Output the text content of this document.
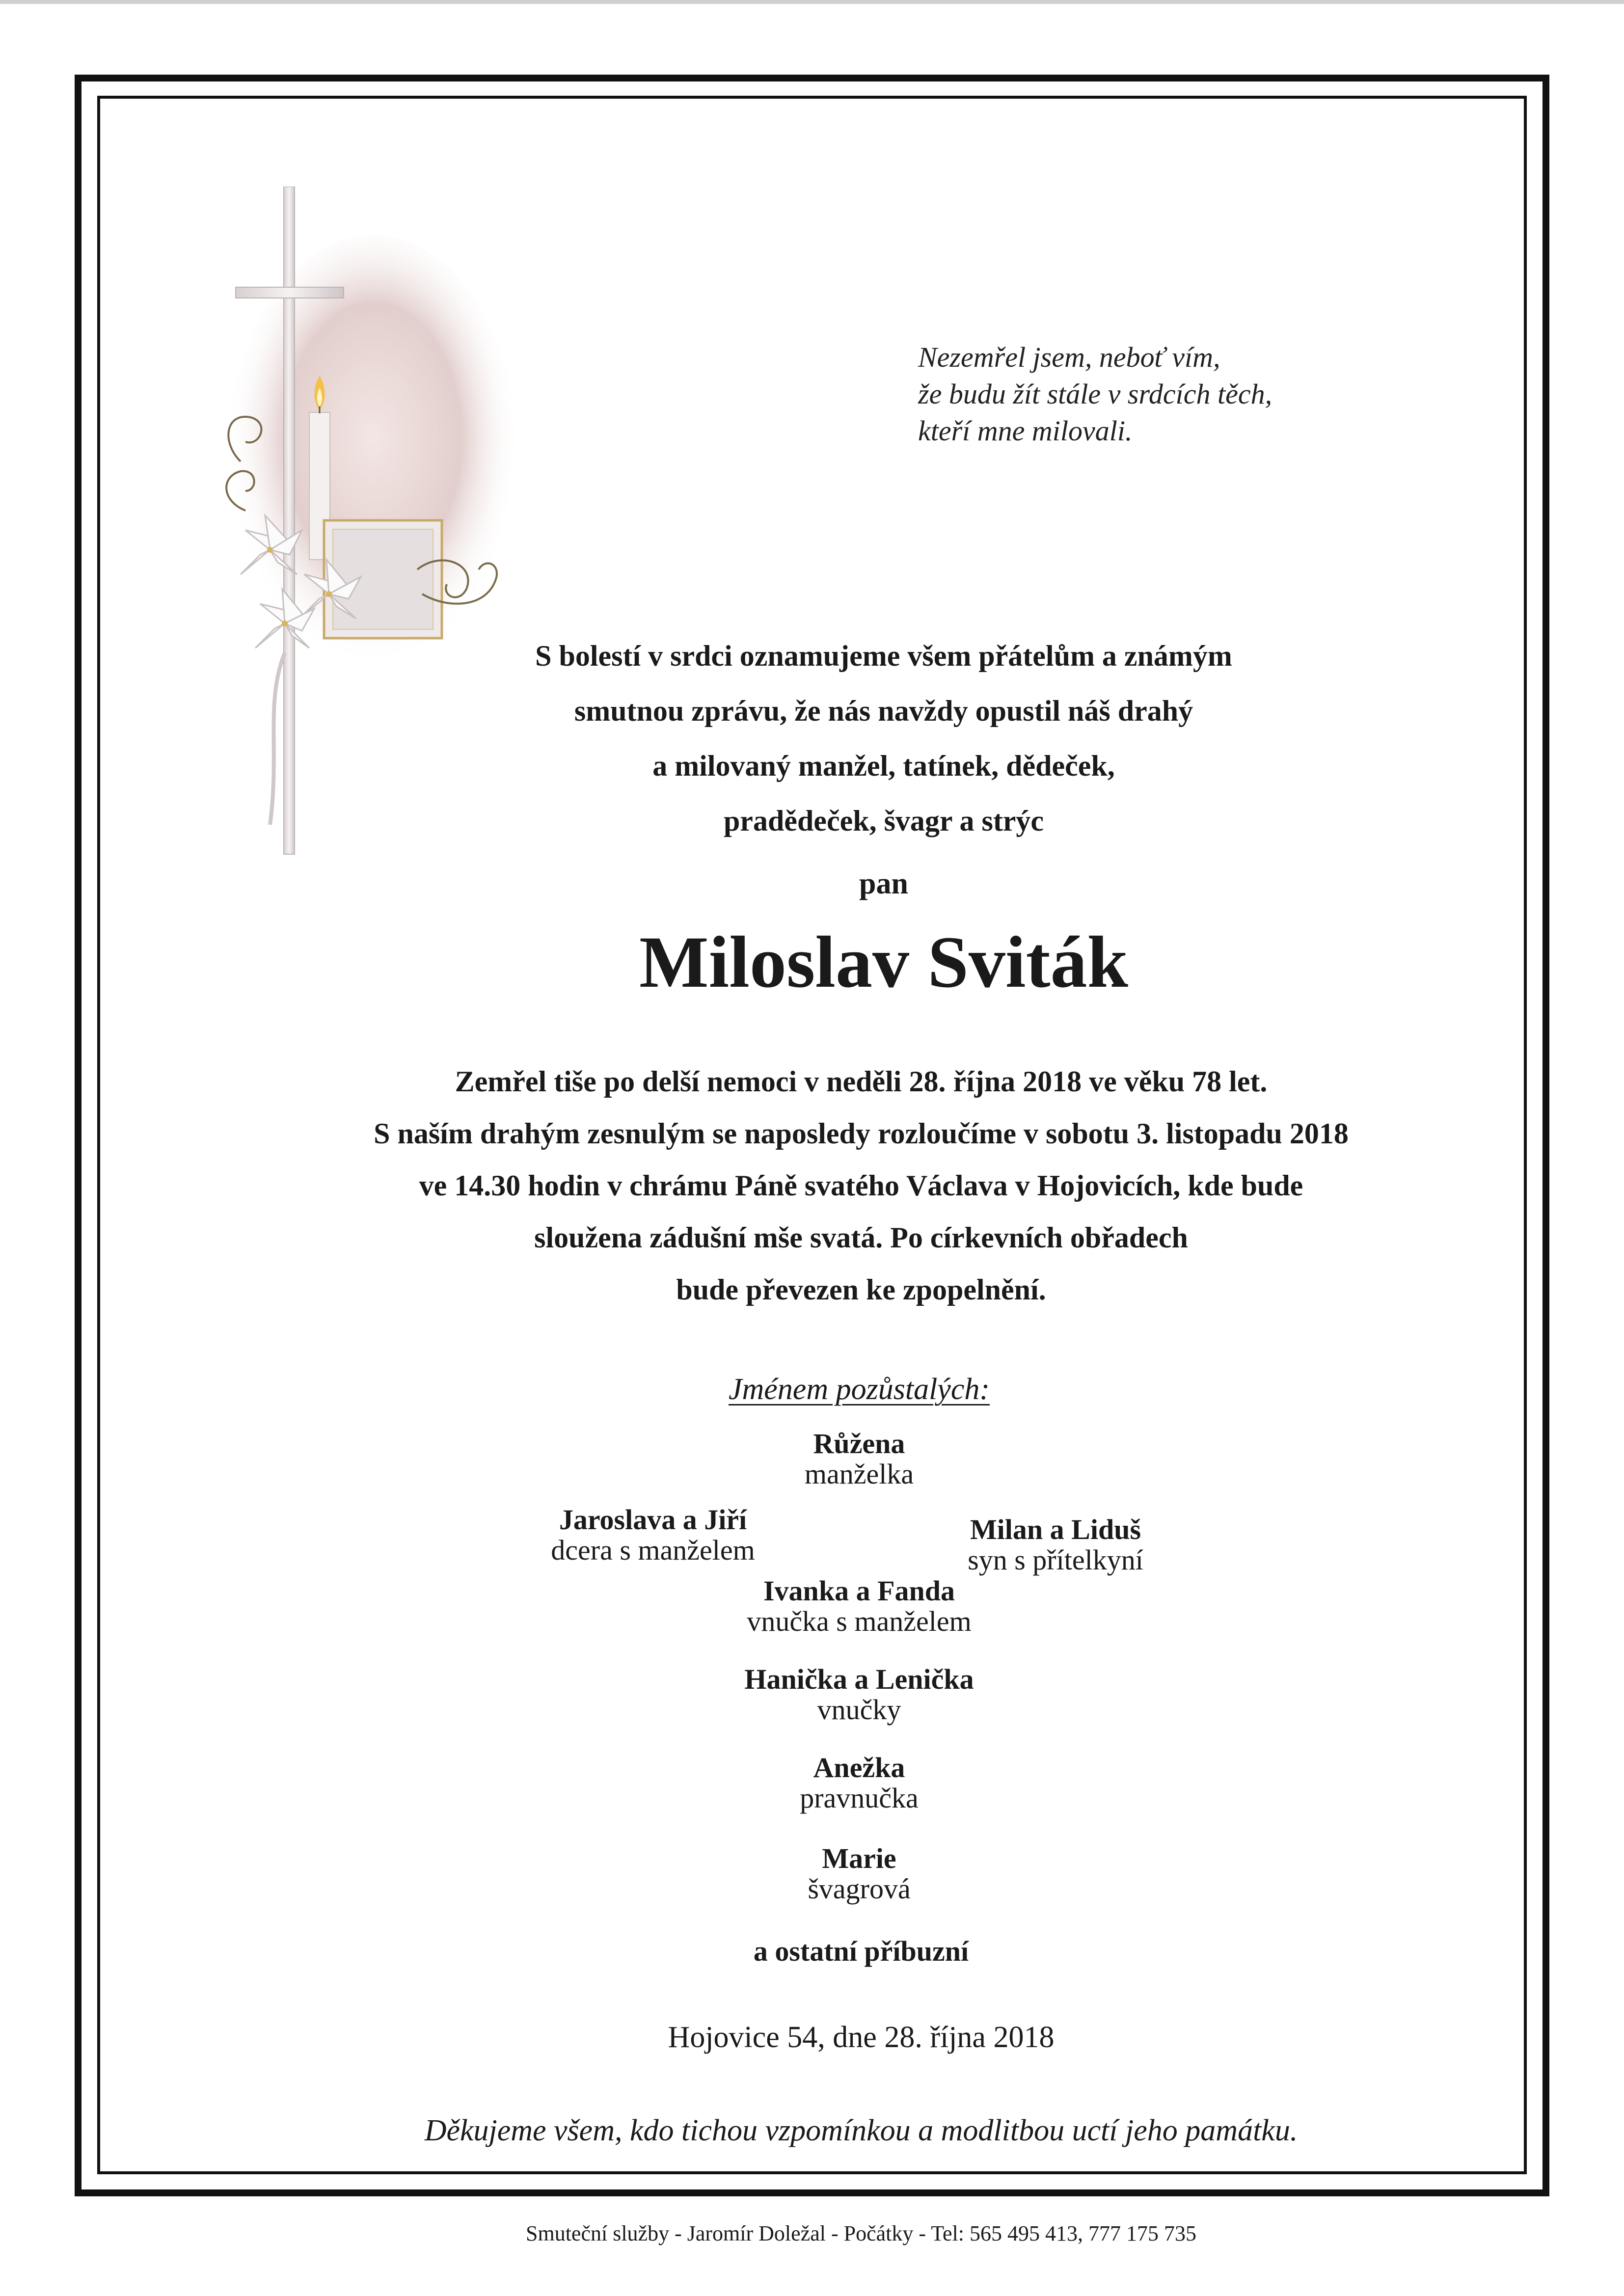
Nezemřel jsem, neboť vím,
že budu žít stále v srdcích těch,
kteří mne milovali.
S bolestí v srdci oznamujeme všem přátelům a známým
smutnou zprávu, že nás navždy opustil náš drahý
a milovaný manžel, tatínek, dědeček,
pradědeček, švagr a strýc
pan
Miloslav Sviták
Zemřel tiše po delší nemoci v neděli 28. října 2018 ve věku 78 let.
S naším drahým zesnulým se naposledy rozloučíme v sobotu 3. listopadu 2018
ve 14.30 hodin v chrámu Páně svatého Václava v Hojovicích, kde bude
sloužena zádušní mše svatá. Po církevních obřadech
bude převezen ke zpopelnění.
Jménem pozůstalých:
Růžena
manželka
Jaroslava a Jiří
dcera s manželem
Milan a Liduš
syn s přítelkyní
Ivanka a Fanda
vnučka s manželem
Hanička a Lenička
vnučky
Anežka
pravnučka
Marie
švagrová
a ostatní příbuzní
Hojovice 54, dne 28. října 2018
Děkujeme všem, kdo tichou vzpomínkou a modlitbou uctí jeho památku.
Smuteční služby - Jaromír Doležal - Počátky - Tel: 565 495 413, 777 175 735
